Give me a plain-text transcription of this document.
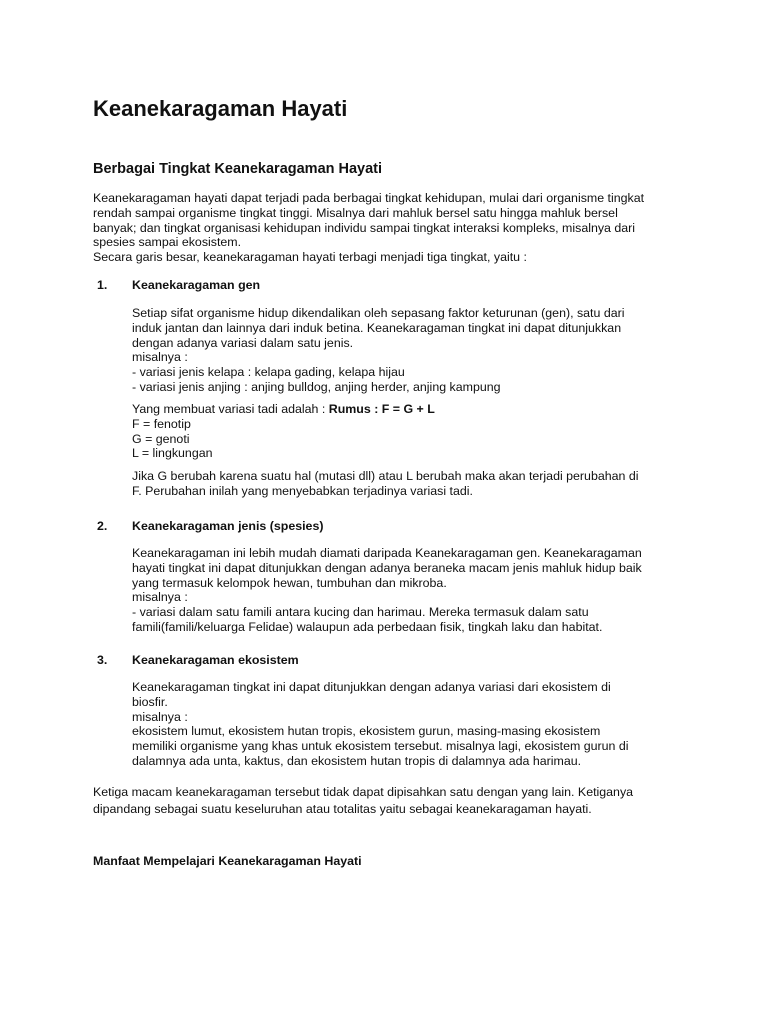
Keanekaragaman Hayati
Berbagai Tingkat Keanekaragaman Hayati
Keanekaragaman hayati dapat terjadi pada berbagai tingkat kehidupan, mulai dari organisme tingkat
rendah sampai organisme tingkat tinggi. Misalnya dari mahluk bersel satu hingga mahluk bersel
banyak; dan tingkat organisasi kehidupan individu sampai tingkat interaksi kompleks, misalnya dari
spesies sampai ekosistem.
Secara garis besar, keanekaragaman hayati terbagi menjadi tiga tingkat, yaitu :
1. Keanekaragaman gen
Setiap sifat organisme hidup dikendalikan oleh sepasang faktor keturunan (gen), satu dari
induk jantan dan lainnya dari induk betina. Keanekaragaman tingkat ini dapat ditunjukkan
dengan adanya variasi dalam satu jenis.
misalnya :
- variasi jenis kelapa : kelapa gading, kelapa hijau
- variasi jenis anjing : anjing bulldog, anjing herder, anjing kampung
Yang membuat variasi tadi adalah : Rumus : F = G + L
F = fenotip
G = genoti
L = lingkungan
Jika G berubah karena suatu hal (mutasi dll) atau L berubah maka akan terjadi perubahan di
F. Perubahan inilah yang menyebabkan terjadinya variasi tadi.
2. Keanekaragaman jenis (spesies)
Keanekaragaman ini lebih mudah diamati daripada Keanekaragaman gen. Keanekaragaman
hayati tingkat ini dapat ditunjukkan dengan adanya beraneka macam jenis mahluk hidup baik
yang termasuk kelompok hewan, tumbuhan dan mikroba.
misalnya :
- variasi dalam satu famili antara kucing dan harimau. Mereka termasuk dalam satu
famili(famili/keluarga Felidae) walaupun ada perbedaan fisik, tingkah laku dan habitat.
3. Keanekaragaman ekosistem
Keanekaragaman tingkat ini dapat ditunjukkan dengan adanya variasi dari ekosistem di
biosfir.
misalnya :
ekosistem lumut, ekosistem hutan tropis, ekosistem gurun, masing-masing ekosistem
memiliki organisme yang khas untuk ekosistem tersebut. misalnya lagi, ekosistem gurun di
dalamnya ada unta, kaktus, dan ekosistem hutan tropis di dalamnya ada harimau.
Ketiga macam keanekaragaman tersebut tidak dapat dipisahkan satu dengan yang lain. Ketiganya
dipandang sebagai suatu keseluruhan atau totalitas yaitu sebagai keanekaragaman hayati.
Manfaat Mempelajari Keanekaragaman Hayati
